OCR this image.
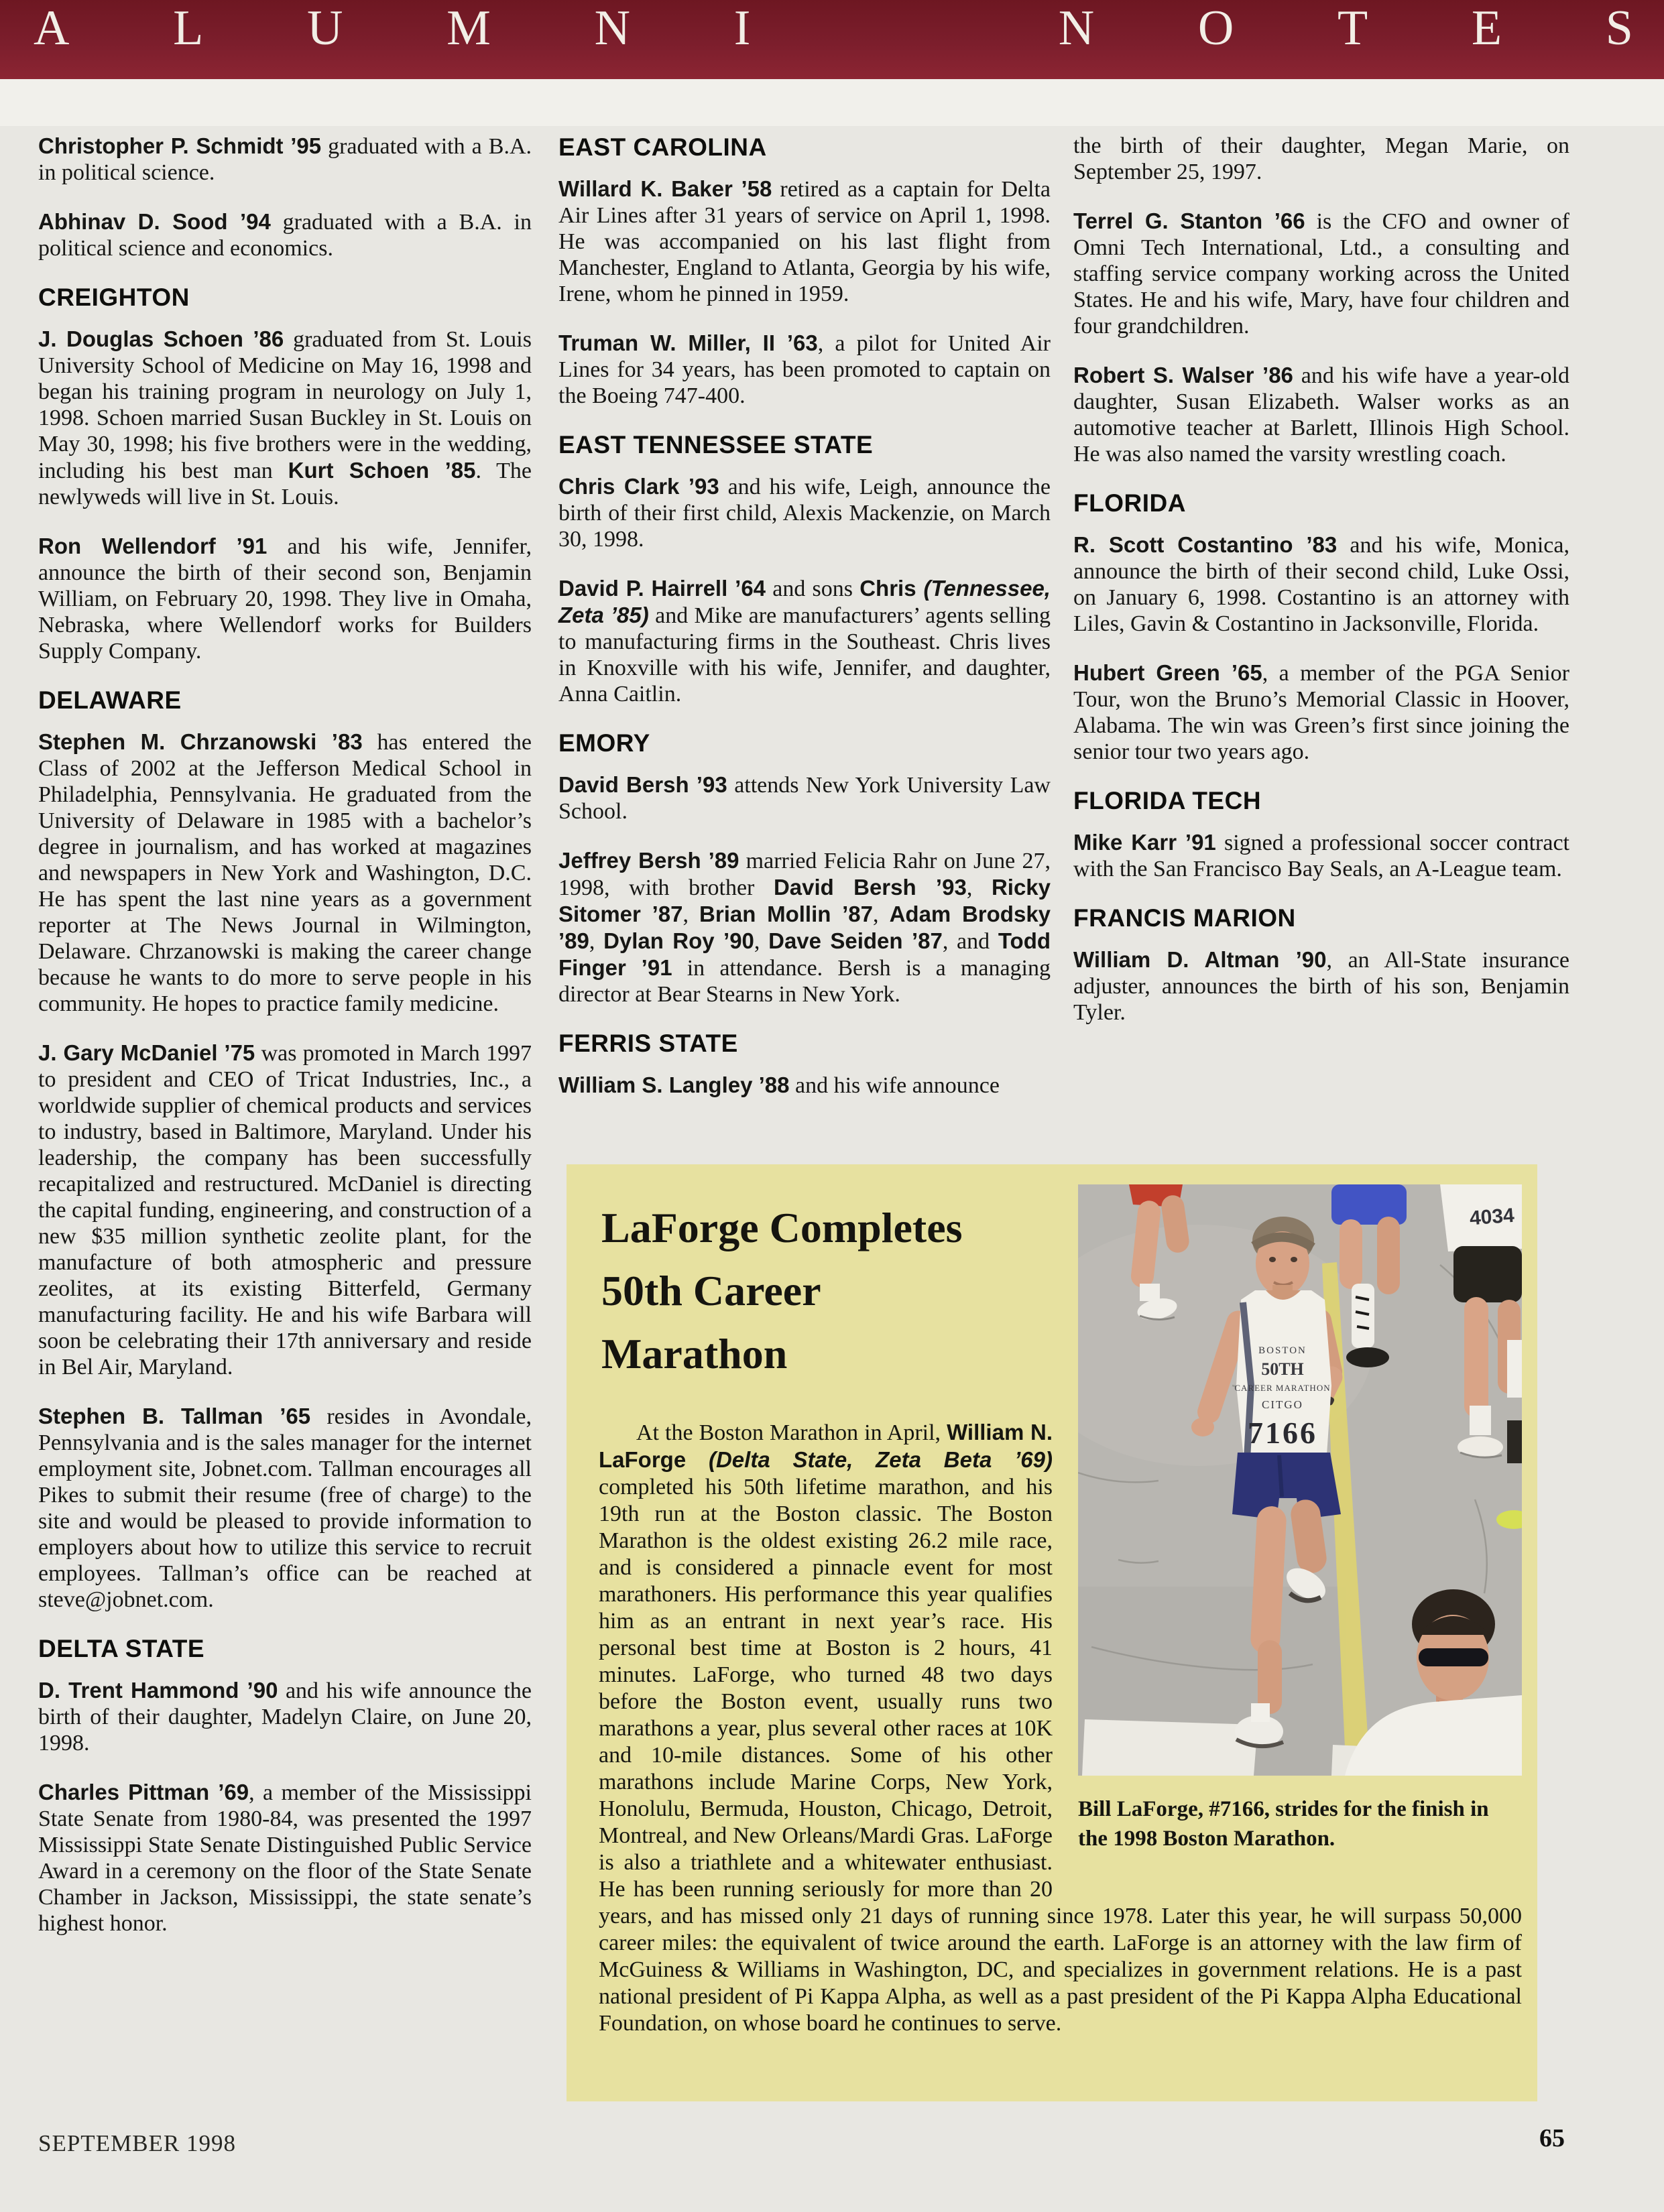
A L U M N I	N O T E S

Christopher P. Schmidt ’95 graduated with a B.A. in political science.

Abhinav D. Sood ’94 graduated with a B.A. in political science and economics.

CREIGHTON

J. Douglas Schoen ’86 graduated from St. Louis University School of Medicine on May 16, 1998 and began his training program in neurology on July 1, 1998. Schoen married Susan Buckley in St. Louis on May 30, 1998; his five brothers were in the wedding, including his best man Kurt Schoen ’85. The newlyweds will live in St. Louis.

Ron Wellendorf ’91 and his wife, Jennifer, announce the birth of their second son, Benjamin William, on February 20, 1998. They live in Omaha, Nebraska, where Wellendorf works for Builders Supply Company.

DELAWARE

Stephen M. Chrzanowski ’83 has entered the Class of 2002 at the Jefferson Medical School in Philadelphia, Pennsylvania. He graduated from the University of Delaware in 1985 with a bachelor’s degree in journalism, and has worked at magazines and newspapers in New York and Washington, D.C. He has spent the last nine years as a government reporter at The News Journal in Wilmington, Delaware. Chrzanowski is making the career change because he wants to do more to serve people in his community. He hopes to practice family medicine.

J. Gary McDaniel ’75 was promoted in March 1997 to president and CEO of Tricat Industries, Inc., a worldwide supplier of chemical products and services to industry, based in Baltimore, Maryland. Under his leadership, the company has been successfully recapitalized and restructured. McDaniel is directing the capital funding, engineering, and construction of a new $35 million synthetic zeolite plant, for the manufacture of both atmospheric and pressure zeolites, at its existing Bitterfeld, Germany manufacturing facility. He and his wife Barbara will soon be celebrating their 17th anniversary and reside in Bel Air, Maryland.

Stephen B. Tallman ’65 resides in Avondale, Pennsylvania and is the sales manager for the internet employment site, Jobnet.com. Tallman encourages all Pikes to submit their resume (free of charge) to the site and would be pleased to provide information to employers about how to utilize this service to recruit employees. Tallman’s office can be reached at steve@jobnet.com.

DELTA STATE

D. Trent Hammond ’90 and his wife announce the birth of their daughter, Madelyn Claire, on June 20, 1998.

Charles Pittman ’69, a member of the Mississippi State Senate from 1980-84, was presented the 1997 Mississippi State Senate Distinguished Public Service Award in a ceremony on the floor of the State Senate Chamber in Jackson, Mississippi, the state senate’s highest honor.

EAST CAROLINA

Willard K. Baker ’58 retired as a captain for Delta Air Lines after 31 years of service on April 1, 1998. He was accompanied on his last flight from Manchester, England to Atlanta, Georgia by his wife, Irene, whom he pinned in 1959.

Truman W. Miller, II ’63, a pilot for United Air Lines for 34 years, has been promoted to captain on the Boeing 747-400.

EAST TENNESSEE STATE

Chris Clark ’93 and his wife, Leigh, announce the birth of their first child, Alexis Mackenzie, on March 30, 1998.

David P. Hairrell ’64 and sons Chris (Tennessee, Zeta ’85) and Mike are manufacturers’ agents selling to manufacturing firms in the Southeast. Chris lives in Knoxville with his wife, Jennifer, and daughter, Anna Caitlin.

EMORY

David Bersh ’93 attends New York University Law School.

Jeffrey Bersh ’89 married Felicia Rahr on June 27, 1998, with brother David Bersh ’93, Ricky Sitomer ’87, Brian Mollin ’87, Adam Brodsky ’89, Dylan Roy ’90, Dave Seiden ’87, and Todd Finger ’91 in attendance. Bersh is a managing director at Bear Stearns in New York.

FERRIS STATE

William S. Langley ’88 and his wife announce

the birth of their daughter, Megan Marie, on September 25, 1997.

Terrel G. Stanton ’66 is the CFO and owner of Omni Tech International, Ltd., a consulting and staffing service company working across the United States. He and his wife, Mary, have four children and four grandchildren.

Robert S. Walser ’86 and his wife have a year-old daughter, Susan Elizabeth. Walser works as an automotive teacher at Barlett, Illinois High School. He was also named the varsity wrestling coach.

FLORIDA

R. Scott Costantino ’83 and his wife, Monica, announce the birth of their second child, Luke Ossi, on January 6, 1998. Costantino is an attorney with Liles, Gavin & Costantino in Jacksonville, Florida.

Hubert Green ’65, a member of the PGA Senior Tour, won the Bruno’s Memorial Classic in Hoover, Alabama. The win was Green’s first since joining the senior tour two years ago.

FLORIDA TECH

Mike Karr ’91 signed a professional soccer contract with the San Francisco Bay Seals, an A-League team.

FRANCIS MARION

William D. Altman ’90, an All-State insurance adjuster, announces the birth of his son, Benjamin Tyler.

4034
BOSTON
50TH
CAREER MARATHON
CITGO
7166
Bill LaForge, #7166, strides for the finish in the 1998 Boston Marathon.
LaForge Completes 50th Career Marathon

At the Boston Marathon in April, William N. LaForge (Delta State, Zeta Beta ’69) completed his 50th lifetime marathon, and his 19th run at the Boston classic. The Boston Marathon is the oldest existing 26.2 mile race, and is considered a pinnacle event for most marathoners. His performance this year qualifies him as an entrant in next year’s race. His personal best time at Boston is 2 hours, 41 minutes. LaForge, who turned 48 two days before the Boston event, usually runs two marathons a year, plus several other races at 10K and 10-mile distances. Some of his other marathons include Marine Corps, New York, Honolulu, Bermuda, Houston, Chicago, Detroit, Montreal, and New Orleans/Mardi Gras. LaForge is also a triathlete and a whitewater enthusiast. He has been running seriously for more than 20 years, and has missed only 21 days of running since 1978. Later this year, he will surpass 50,000 career miles: the equivalent of twice around the earth. LaForge is an attorney with the law firm of McGuiness & Williams in Washington, DC, and specializes in government relations. He is a past national president of Pi Kappa Alpha, as well as a past president of the Pi Kappa Alpha Educational Foundation, on whose board he continues to serve.

SEPTEMBER 1998	65
